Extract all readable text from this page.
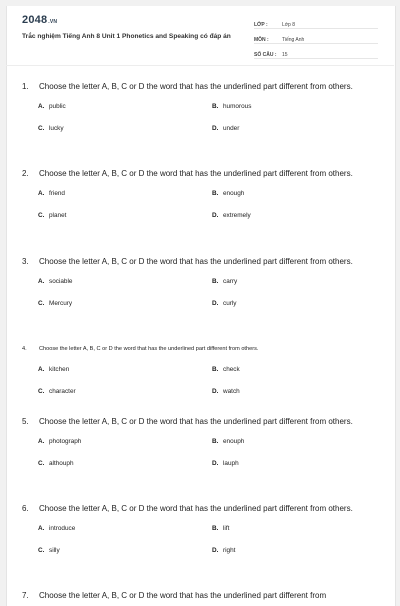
2048.VN
Trắc nghiệm Tiếng Anh 8 Unit 1 Phonetics and Speaking có đáp án
LỚP :	Lớp 8
MÔN :	Tiếng Anh
SỐ CÂU :	15
1.	Choose the letter A, B, C or D the word that has the underlined part different from others.
A. public	B. humorous
C. lucky	D. under
2.	Choose the letter A, B, C or D the word that has the underlined part different from others.
A. friend	B. enough
C. planet	D. extremely
3.	Choose the letter A, B, C or D the word that has the underlined part different from others.
A. sociable	B. carry
C. Mercury	D. curly
4.	Choose the letter A, B, C or D the word that has the underlined part different from others.
A. kitchen	B. check
C. character	D. watch
5.	Choose the letter A, B, C or D the word that has the underlined part different from others.
A. photograph	B. enouph
C. althouph	D. lauph
6.	Choose the letter A, B, C or D the word that has the underlined part different from others.
A. introduce	B. lift
C. silly	D. right
7.	Choose the letter A, B, C or D the word that has the underlined part different from
